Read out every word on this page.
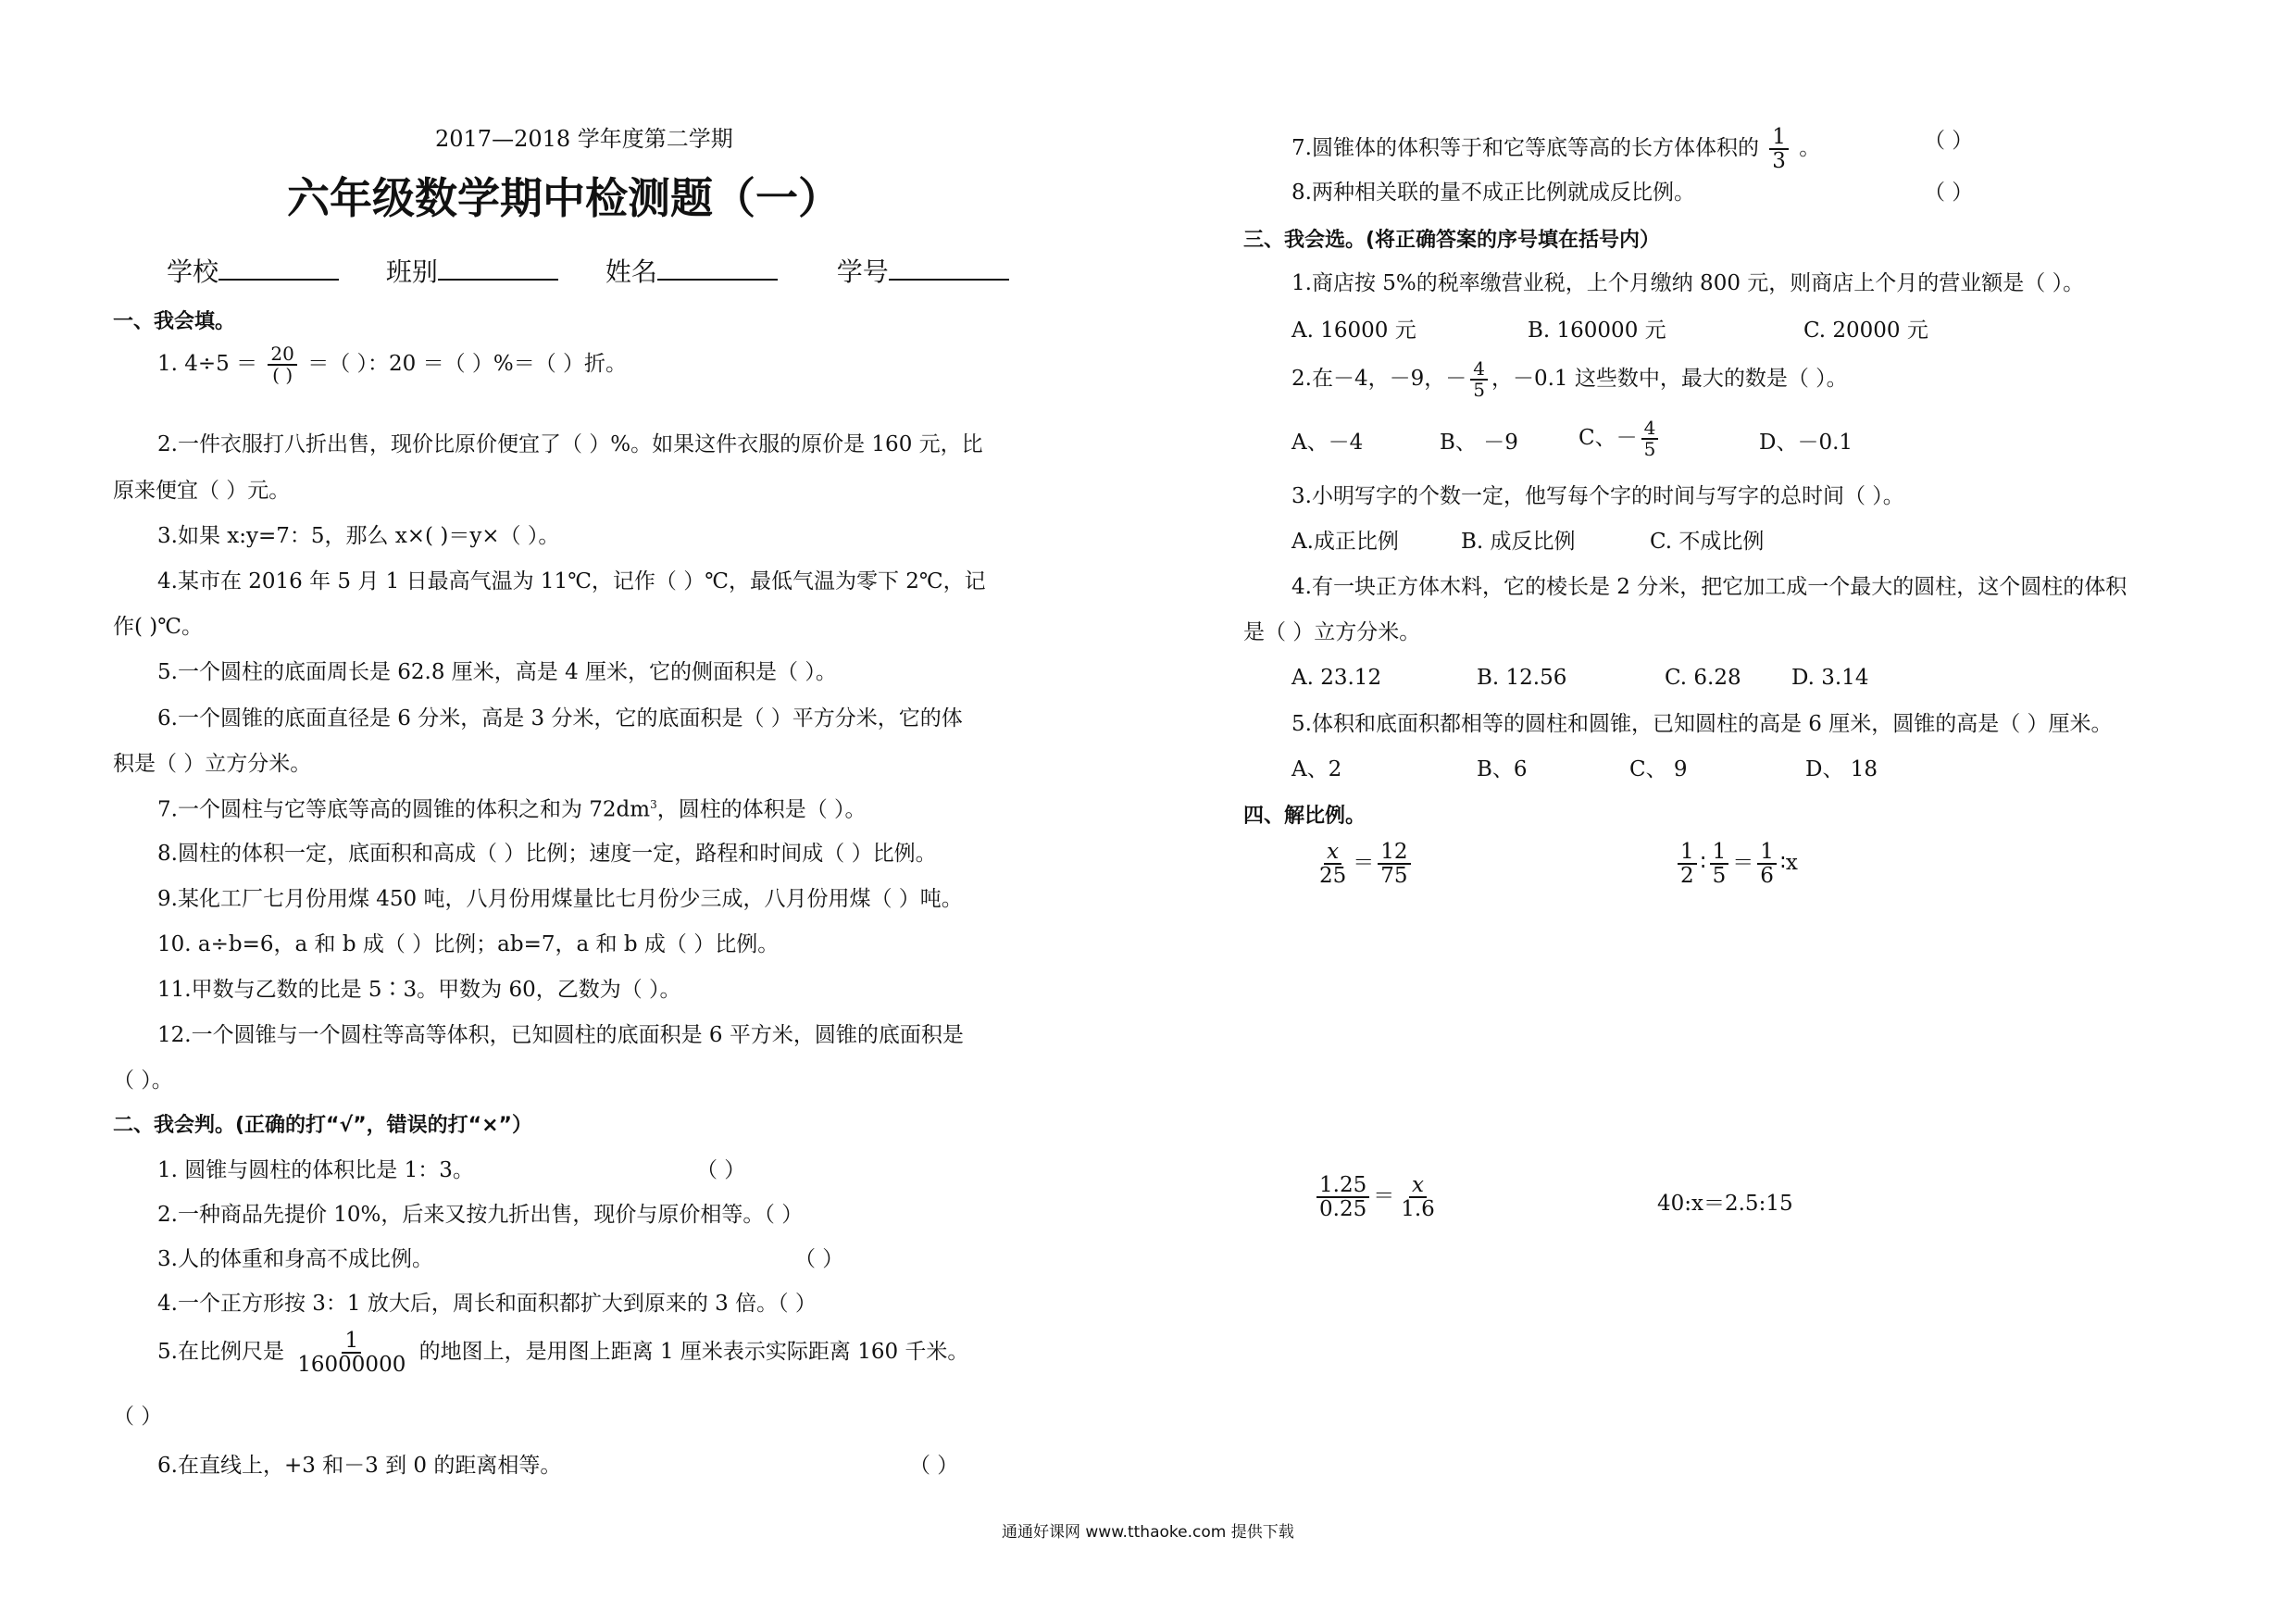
2017—2018 学年度第二学期
六年级数学期中检测题（一）
学校	班别	姓名	学号
一、我会填。
1. $4\div 5 = \frac{20}{( )}$ ＝（ ）：20 ＝（ ）%＝（ ）折。
2.一件衣服打八折出售，现价比原价便宜了（ ）%。如果这件衣服的原价是 160 元，比
原来便宜（ ）元。
3.如果 x:y=7：5，那么 x×( )＝y×（ ）。
4.某市在 2016 年 5 月 1 日最高气温为 11℃，记作（ ）℃，最低气温为零下 2℃，记
作( )℃。
5.一个圆柱的底面周长是 62.8 厘米，高是 4 厘米，它的侧面积是（ ）。
6.一个圆锥的底面直径是 6 分米，高是 3 分米，它的底面积是（ ）平方分米，它的体
积是（ ）立方分米。
7.一个圆柱与它等底等高的圆锥的体积之和为 $72dm^3$，圆柱的体积是（ ）。
8.圆柱的体积一定，底面积和高成（ ）比例；速度一定，路程和时间成（ ）比例。
9.某化工厂七月份用煤 450 吨，八月份用煤量比七月份少三成，八月份用煤（ ）吨。
10. a÷b=6，a 和 b 成（ ）比例；ab=7，a 和 b 成（ ）比例。
11.甲数与乙数的比是 5∶3。甲数为 60，乙数为（ ）。
12.一个圆锥与一个圆柱等高等体积，已知圆柱的底面积是 6 平方米，圆锥的底面积是
（ ）。
二、我会判。(正确的打“√”，错误的打“×”）
1. 圆锥与圆柱的体积比是 1：3。	（ ）
2.一种商品先提价 10%，后来又按九折出售，现价与原价相等。（ ）
3.人的体重和身高不成比例。	（ ）
4.一个正方形按 3：1 放大后，周长和面积都扩大到原来的 3 倍。（ ）
5.在比例尺是 $\frac{1}{16000000}$ 的地图上，是用图上距离 1 厘米表示实际距离 160 千米。
（ ）
6.在直线上，+3 和－3 到 0 的距离相等。	（ ）
7.圆锥体的体积等于和它等底等高的长方体体积的 $\frac{1}{3}$ 。	（ ）
8.两种相关联的量不成正比例就成反比例。	（ ）
三、我会选。(将正确答案的序号填在括号内）
1.商店按 5%的税率缴营业税，上个月缴纳 800 元，则商店上个月的营业额是（ ）。
A. 16000 元	B. 160000 元	C. 20000 元
2.在－4，－9，－ $\frac{4}{5}$ ，－0.1 这些数中，最大的数是（ ）。
A、－4	B、 －9	C、－ $\frac{4}{5}$	D、－0.1
3.小明写字的个数一定，他写每个字的时间与写字的总时间（ ）。
A.成正比例	B. 成反比例	C. 不成比例
4.有一块正方体木料，它的棱长是 2 分米，把它加工成一个最大的圆柱，这个圆柱的体积
是（ ）立方分米。
A. 23.12	B. 12.56	C. 6.28 D. 3.14
5.体积和底面积都相等的圆柱和圆锥，已知圆柱的高是 6 厘米，圆锥的高是（ ）厘米。
A、2	B、6	C、 9	D、 18
四、解比例。
$\frac{x}{25} = \frac{12}{75}$	$\frac{1}{2}$ ∶ $\frac{1}{5} = \frac{1}{6}$ ∶x
$\frac{1.25}{0.25} = \frac{x}{1.6}$	40:x＝2.5:15
通通好课网 www.tthaoke.com 提供下载
